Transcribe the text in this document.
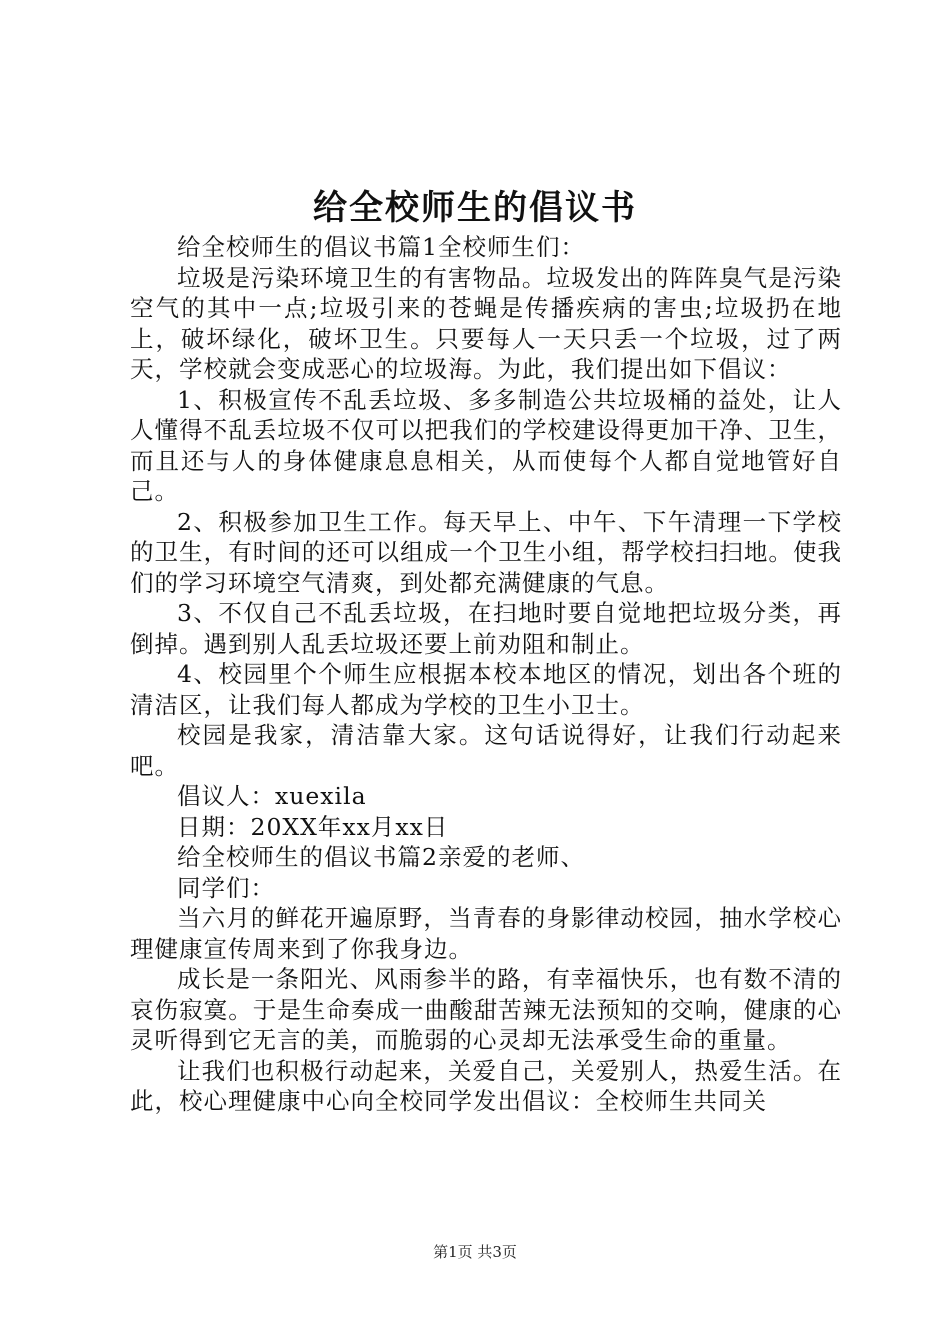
给全校师生的倡议书

给全校师生的倡议书篇1全校师生们：

垃圾是污染环境卫生的有害物品。垃圾发出的阵阵臭气是污染空气的其中一点;垃圾引来的苍蝇是传播疾病的害虫;垃圾扔在地上，破坏绿化，破坏卫生。只要每人一天只丢一个垃圾，过了两天，学校就会变成恶心的垃圾海。为此，我们提出如下倡议：

1、积极宣传不乱丢垃圾、多多制造公共垃圾桶的益处，让人人懂得不乱丢垃圾不仅可以把我们的学校建设得更加干净、卫生，而且还与人的身体健康息息相关，从而使每个人都自觉地管好自己。

2、积极参加卫生工作。每天早上、中午、下午清理一下学校的卫生，有时间的还可以组成一个卫生小组，帮学校扫扫地。使我们的学习环境空气清爽，到处都充满健康的气息。

3、不仅自己不乱丢垃圾，在扫地时要自觉地把垃圾分类，再倒掉。遇到别人乱丢垃圾还要上前劝阻和制止。

4、校园里个个师生应根据本校本地区的情况，划出各个班的清洁区，让我们每人都成为学校的卫生小卫士。

校园是我家，清洁靠大家。这句话说得好，让我们行动起来吧。

倡议人：xuexila

日期：20XX年xx月xx日

给全校师生的倡议书篇2亲爱的老师、

同学们：

当六月的鲜花开遍原野，当青春的身影律动校园，抽水学校心理健康宣传周来到了你我身边。

成长是一条阳光、风雨参半的路，有幸福快乐，也有数不清的哀伤寂寞。于是生命奏成一曲酸甜苦辣无法预知的交响，健康的心灵听得到它无言的美，而脆弱的心灵却无法承受生命的重量。

让我们也积极行动起来，关爱自己，关爱别人，热爱生活。在此，校心理健康中心向全校同学发出倡议：全校师生共同关

第1页 共3页
